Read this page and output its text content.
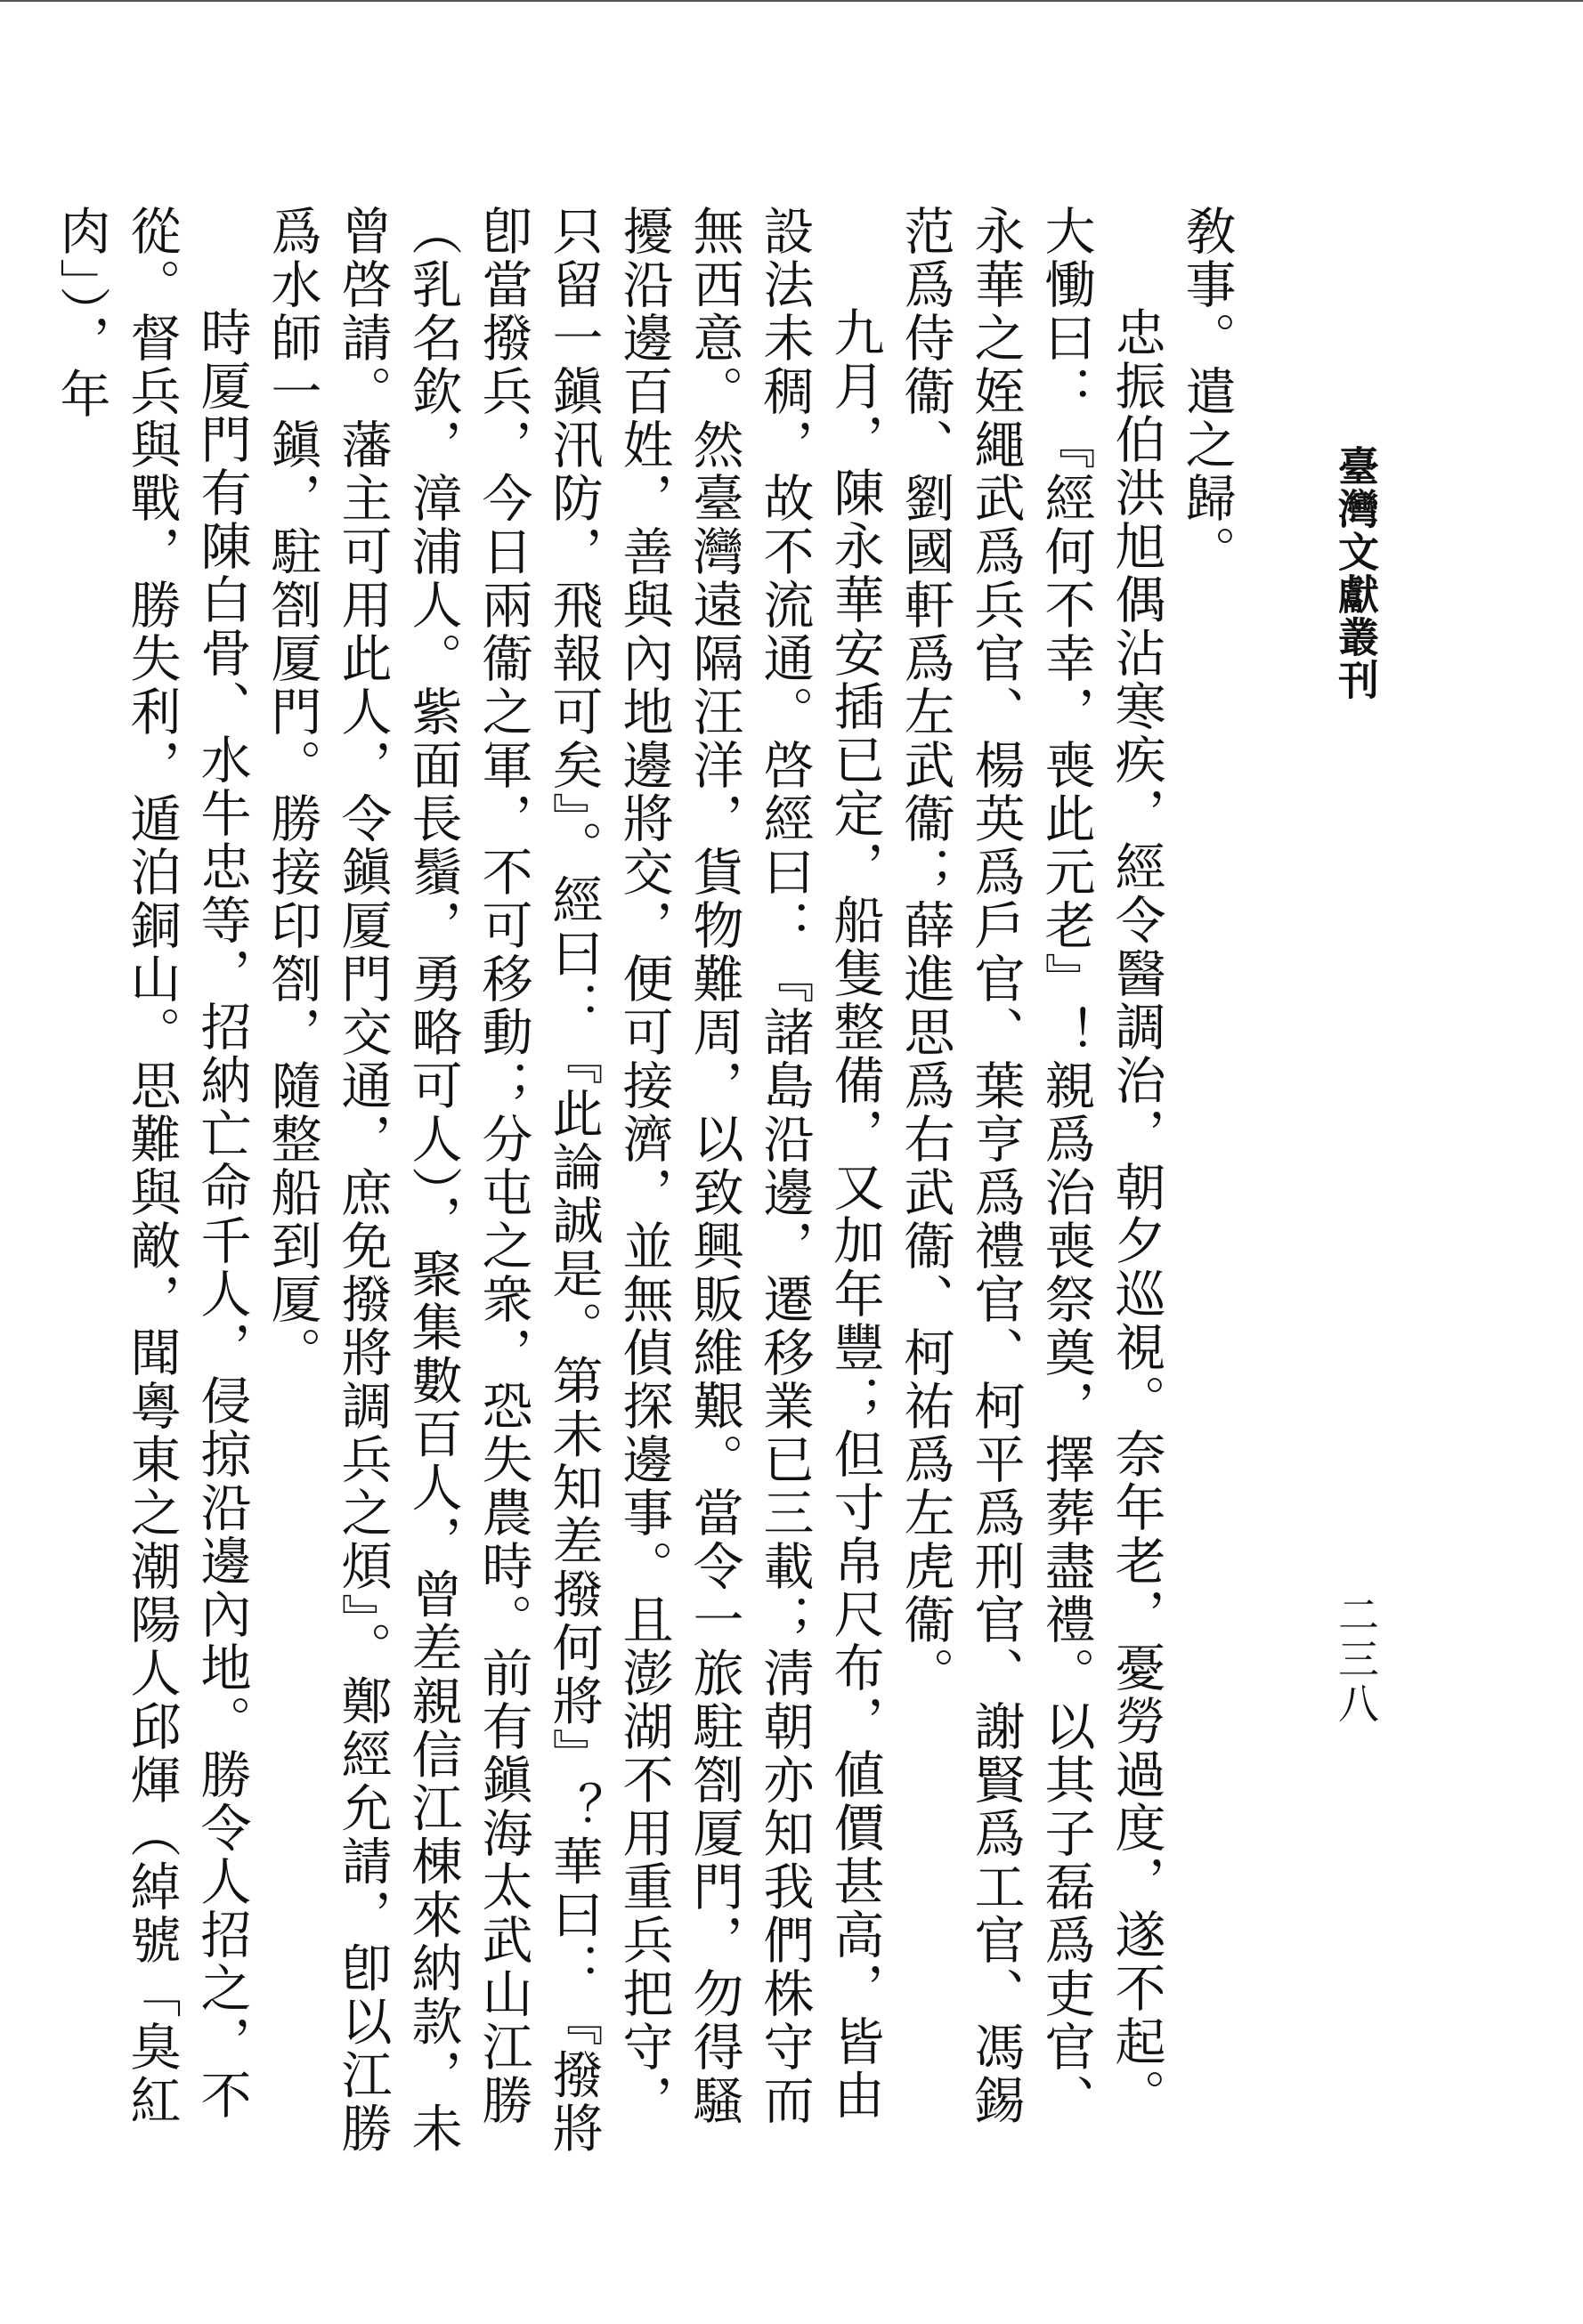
臺灣文獻叢刊
二三八

敎事。遣之歸。

忠振伯洪旭偶沾寒疾，經令醫調治，朝夕巡視。奈年老，憂勞過度，遂不起。大慟曰：『經何不幸，喪此元老』！親爲治喪祭奠，擇葬盡禮。以其子磊爲吏官、永華之姪繩武爲兵官、楊英爲戶官、葉亨爲禮官、柯平爲刑官、謝賢爲工官、馮錫范爲侍衞、劉國軒爲左武衞；薛進思爲右武衞、柯祐爲左虎衞。

九月，陳永華安插已定，船隻整備，又加年豐；但寸帛尺布，値價甚高，皆由設法未稠，故不流通。啓經曰：『諸島沿邊，遷移業已三載；淸朝亦知我們株守而無西意。然臺灣遠隔汪洋，貨物難周，以致興販維艱。當令一旅駐劄厦門，勿得騷擾沿邊百姓，善與內地邊將交，便可接濟，並無偵探邊事。且澎湖不用重兵把守，只留一鎭汛防，飛報可矣』。經曰：『此論誠是。第未知差撥何將』？華曰：『撥將卽當撥兵，今日兩衞之軍，不可移動；分屯之衆，恐失農時。前有鎭海太武山江勝（乳名欽，漳浦人。紫面長鬚，勇略可人），聚集數百人，曾差親信江棟來納款，未曾啓請。藩主可用此人，令鎭厦門交通，庶免撥將調兵之煩』。鄭經允請，卽以江勝爲水師一鎭，駐劄厦門。勝接印劄，隨整船到厦。

時厦門有陳白骨、水牛忠等，招納亡命千人，侵掠沿邊內地。勝令人招之，不從。督兵與戰，勝失利，遁泊銅山。思難與敵，聞粵東之潮陽人邱煇（綽號「臭紅肉」），年
